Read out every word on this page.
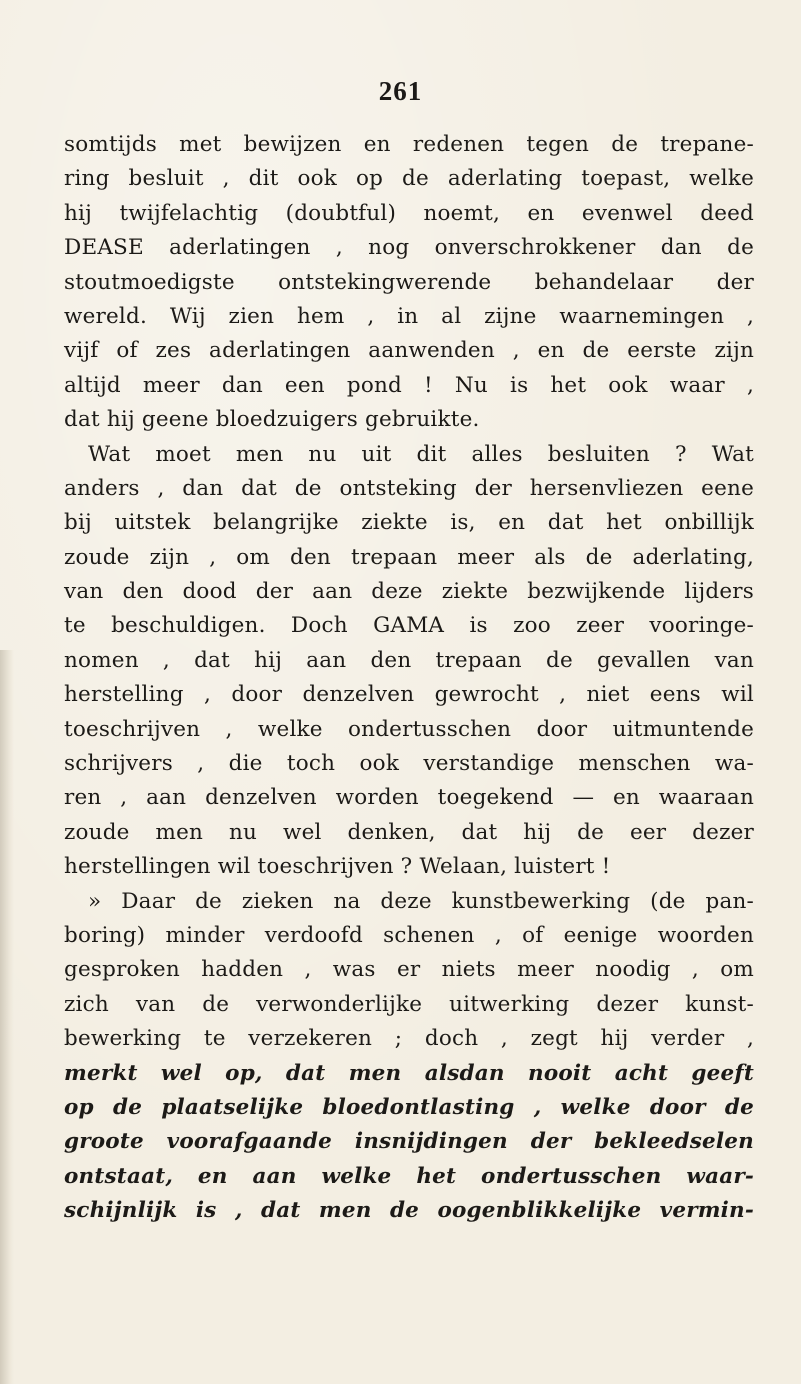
261
somtijds met bewijzen en redenen tegen de trepane-
ring besluit , dit ook op de aderlating toepast, welke
hij twijfelachtig (doubtful) noemt, en evenwel deed
DEASE aderlatingen , nog onverschrokkener dan de
stoutmoedigste ontstekingwerende behandelaar der
wereld. Wij zien hem , in al zijne waarnemingen ,
vijf of zes aderlatingen aanwenden , en de eerste zijn
altijd meer dan een pond ! Nu is het ook waar ,
dat hij geene bloedzuigers gebruikte.
Wat moet men nu uit dit alles besluiten ? Wat
anders , dan dat de ontsteking der hersenvliezen eene
bij uitstek belangrijke ziekte is, en dat het onbillijk
zoude zijn , om den trepaan meer als de aderlating,
van den dood der aan deze ziekte bezwijkende lijders
te beschuldigen. Doch GAMA is zoo zeer vooringe-
nomen , dat hij aan den trepaan de gevallen van
herstelling , door denzelven gewrocht , niet eens wil
toeschrijven , welke ondertusschen door uitmuntende
schrijvers , die toch ook verstandige menschen wa-
ren , aan denzelven worden toegekend — en waaraan
zoude men nu wel denken, dat hij de eer dezer
herstellingen wil toeschrijven ? Welaan, luistert !
» Daar de zieken na deze kunstbewerking (de pan-
boring) minder verdoofd schenen , of eenige woorden
gesproken hadden , was er niets meer noodig , om
zich van de verwonderlijke uitwerking dezer kunst-
bewerking te verzekeren ; doch , zegt hij verder ,
merkt wel op, dat men alsdan nooit acht geeft
op de plaatselijke bloedontlasting , welke door de
groote voorafgaande insnijdingen der bekleedselen
ontstaat, en aan welke het ondertusschen waar-
schijnlijk is , dat men de oogenblikkelijke vermin-
